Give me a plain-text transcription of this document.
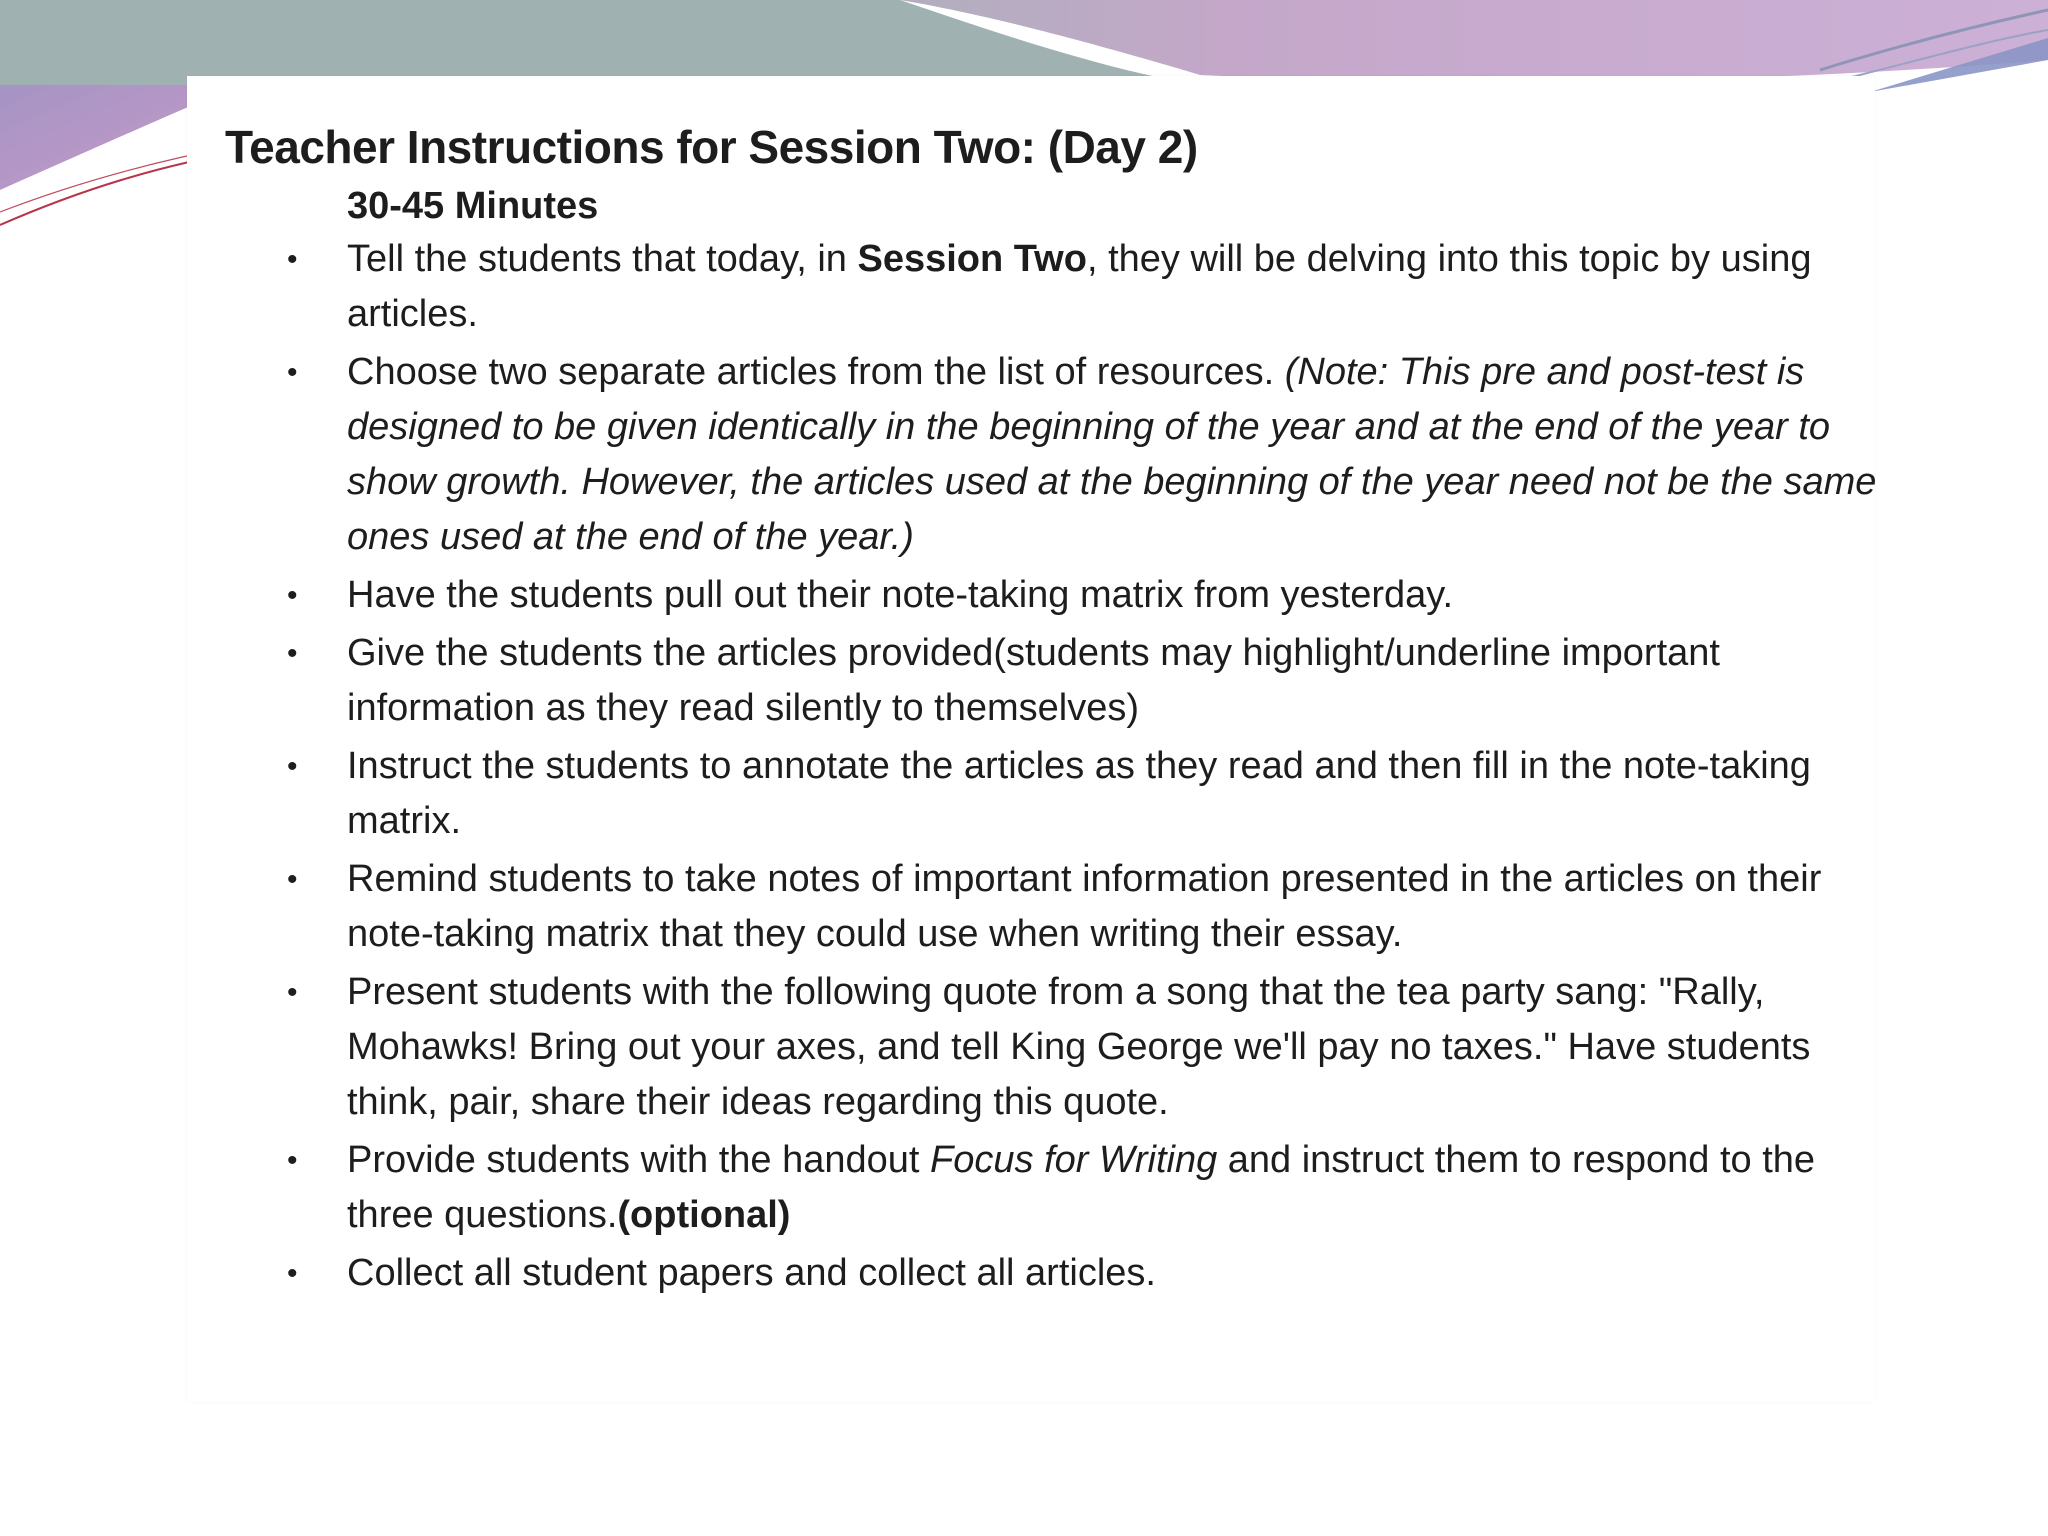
Teacher Instructions for Session Two: (Day 2)
30-45 Minutes
• Tell the students that today, in Session Two, they will be delving into this topic by using articles.
• Choose two separate articles from the list of resources. (Note: This pre and post-test is designed to be given identically in the beginning of the year and at the end of the year to show growth. However, the articles used at the beginning of the year need not be the same ones used at the end of the year.)
• Have the students pull out their note-taking matrix from yesterday.
• Give the students the articles provided(students may highlight/underline important information as they read silently to themselves)
• Instruct the students to annotate the articles as they read and then fill in the note-taking matrix.
• Remind students to take notes of important information presented in the articles on their note-taking matrix that they could use when writing their essay.
• Present students with the following quote from a song that the tea party sang: "Rally, Mohawks! Bring out your axes, and tell King George we'll pay no taxes." Have students think, pair, share their ideas regarding this quote.
• Provide students with the handout Focus for Writing and instruct them to respond to the three questions.(optional)
• Collect all student papers and collect all articles.
